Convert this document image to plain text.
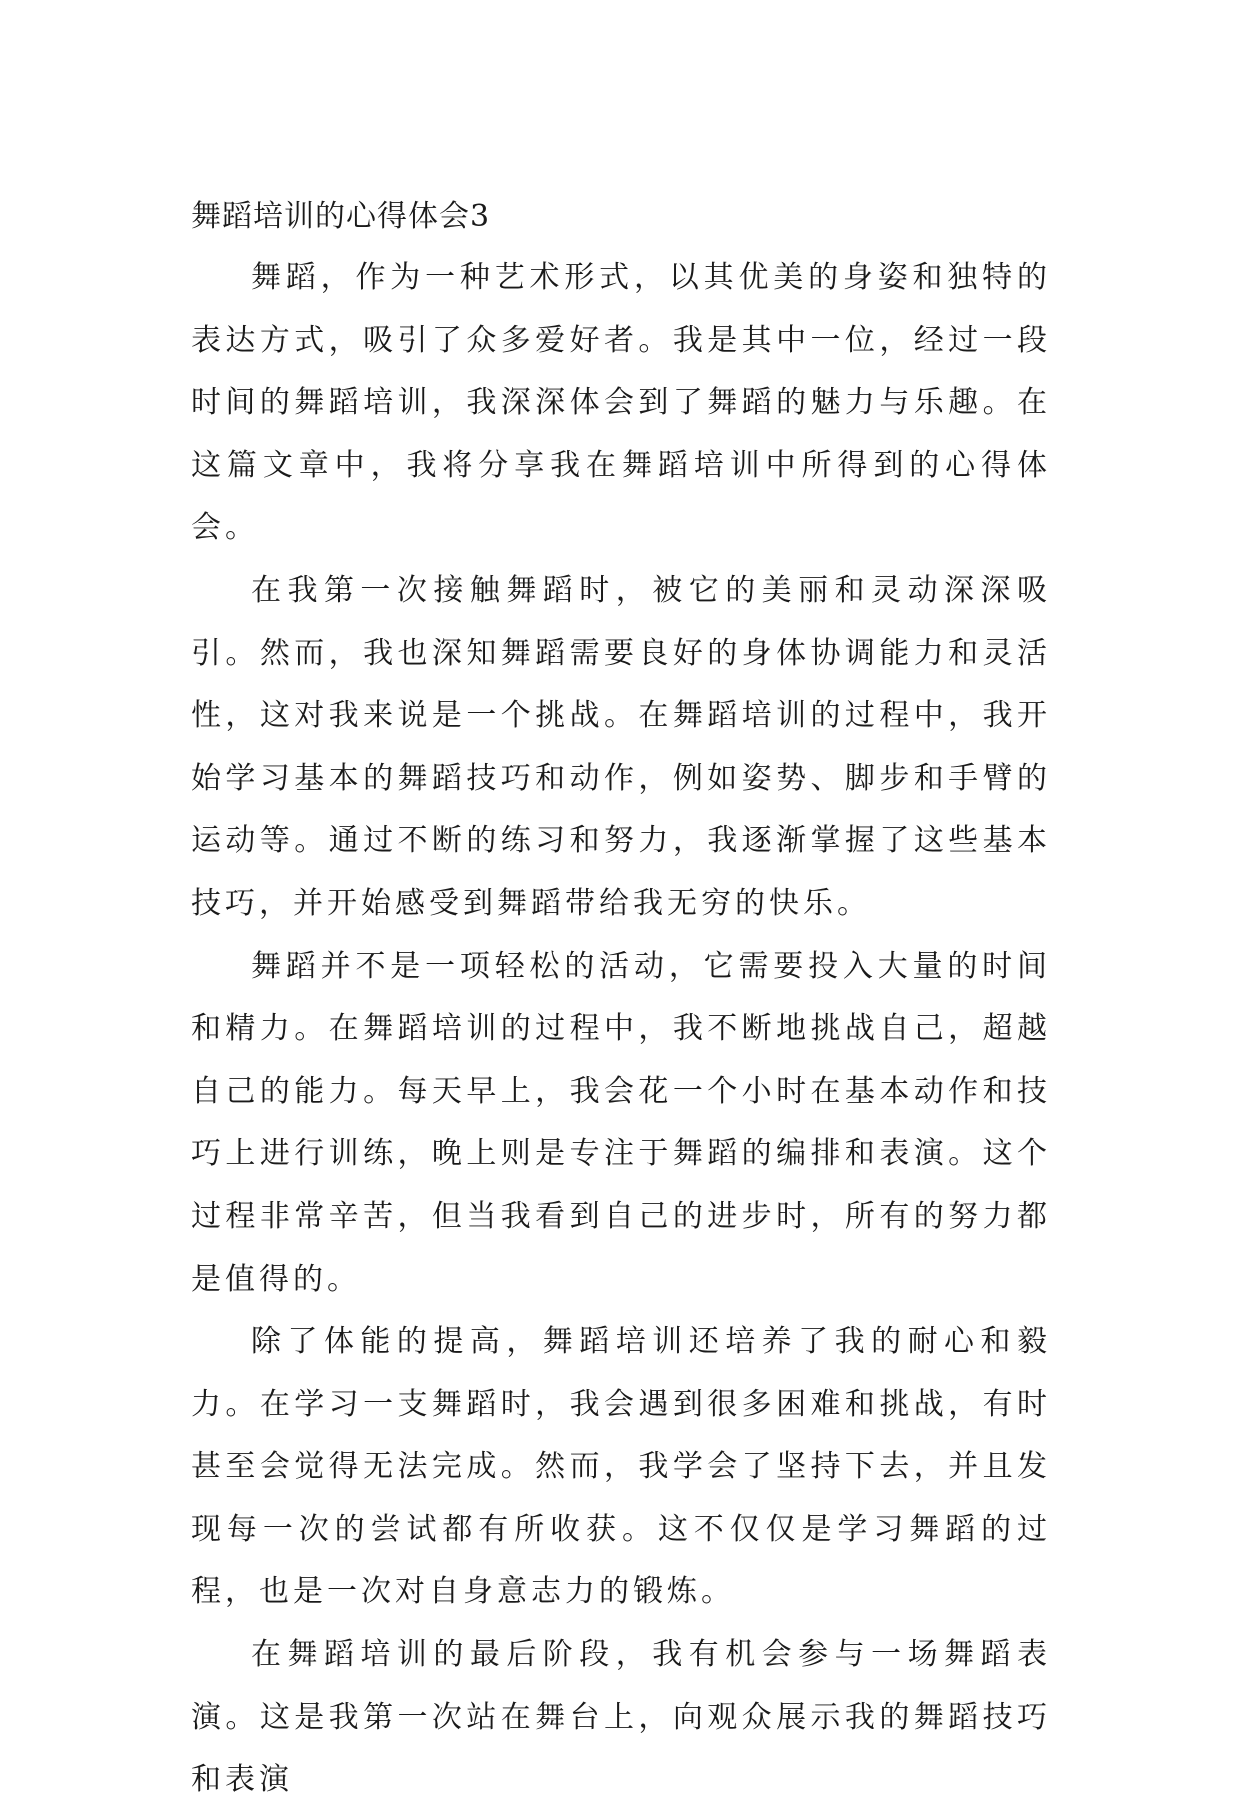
舞蹈培训的心得体会3

舞蹈，作为一种艺术形式，以其优美的身姿和独特的表达方式，吸引了众多爱好者。我是其中一位，经过一段时间的舞蹈培训，我深深体会到了舞蹈的魅力与乐趣。在这篇文章中，我将分享我在舞蹈培训中所得到的心得体会。

在我第一次接触舞蹈时，被它的美丽和灵动深深吸引。然而，我也深知舞蹈需要良好的身体协调能力和灵活性，这对我来说是一个挑战。在舞蹈培训的过程中，我开始学习基本的舞蹈技巧和动作，例如姿势、脚步和手臂的运动等。通过不断的练习和努力，我逐渐掌握了这些基本技巧，并开始感受到舞蹈带给我无穷的快乐。

舞蹈并不是一项轻松的活动，它需要投入大量的时间和精力。在舞蹈培训的过程中，我不断地挑战自己，超越自己的能力。每天早上，我会花一个小时在基本动作和技巧上进行训练，晚上则是专注于舞蹈的编排和表演。这个过程非常辛苦，但当我看到自己的进步时，所有的努力都是值得的。

除了体能的提高，舞蹈培训还培养了我的耐心和毅力。在学习一支舞蹈时，我会遇到很多困难和挑战，有时甚至会觉得无法完成。然而，我学会了坚持下去，并且发现每一次的尝试都有所收获。这不仅仅是学习舞蹈的过程，也是一次对自身意志力的锻炼。

在舞蹈培训的最后阶段，我有机会参与一场舞蹈表演。这是我第一次站在舞台上，向观众展示我的舞蹈技巧和表演
